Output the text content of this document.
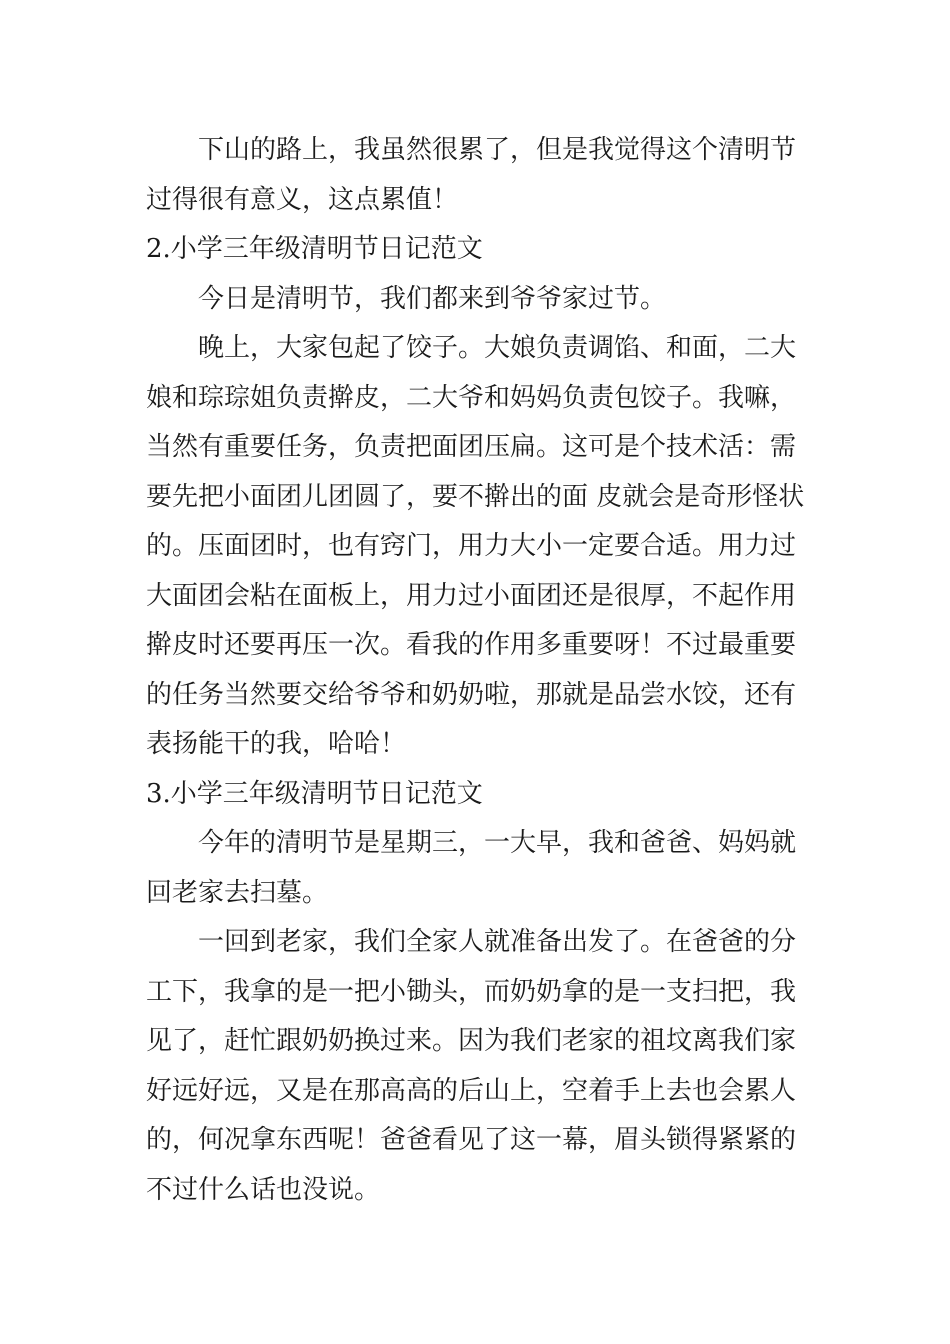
下山的路上，我虽然很累了，但是我觉得这个清明节
过得很有意义，这点累值！

2.小学三年级清明节日记范文

今日是清明节，我们都来到爷爷家过节。

晚上，大家包起了饺子。大娘负责调馅、和面，二大
娘和琮琮姐负责擀皮，二大爷和妈妈负责包饺子。我嘛，
当然有重要任务，负责把面团压扁。这可是个技术活：需
要先把小面团儿团圆了，要不擀出的面 皮就会是奇形怪状
的。压面团时，也有窍门，用力大小一定要合适。用力过
大面团会粘在面板上，用力过小面团还是很厚，不起作用
擀皮时还要再压一次。看我的作用多重要呀！不过最重要
的任务当然要交给爷爷和奶奶啦，那就是品尝水饺，还有
表扬能干的我，哈哈！

3.小学三年级清明节日记范文

今年的清明节是星期三，一大早，我和爸爸、妈妈就
回老家去扫墓。

一回到老家，我们全家人就准备出发了。在爸爸的分
工下，我拿的是一把小锄头，而奶奶拿的是一支扫把，我
见了，赶忙跟奶奶换过来。因为我们老家的祖坟离我们家
好远好远，又是在那高高的后山上，空着手上去也会累人
的，何况拿东西呢！爸爸看见了这一幕，眉头锁得紧紧的
不过什么话也没说。
